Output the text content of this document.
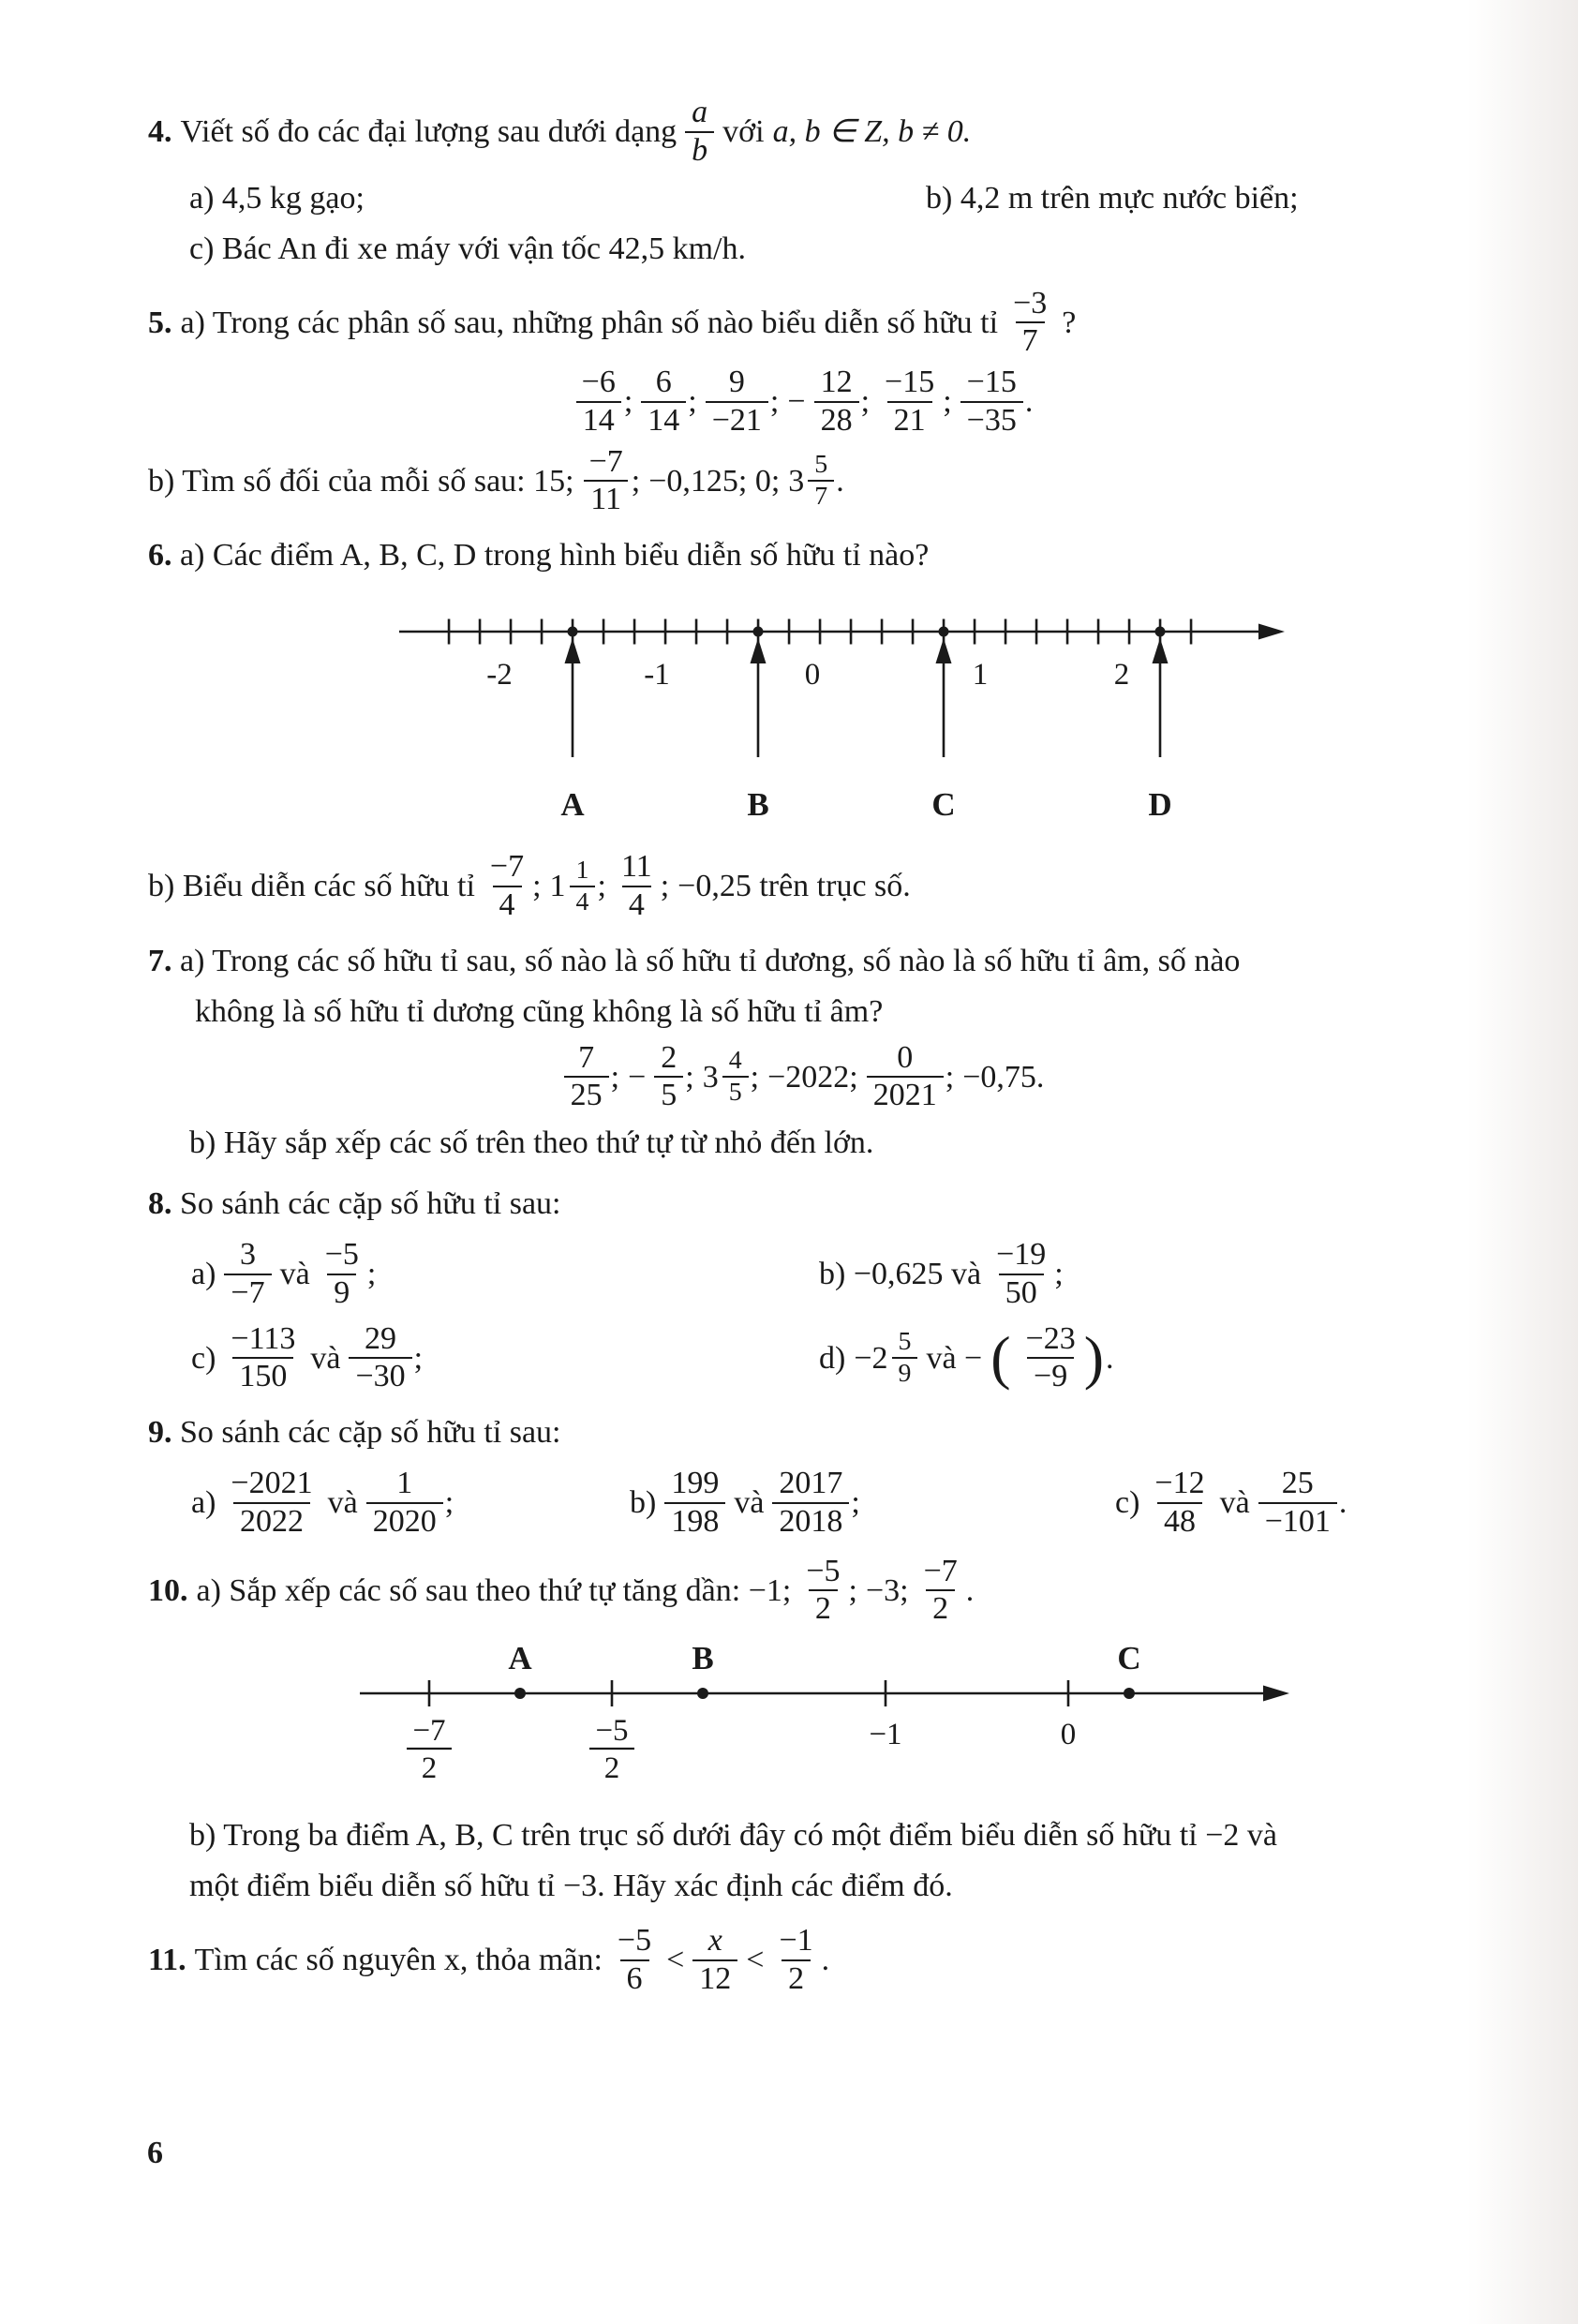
4. Viết số đo các đại lượng sau dưới dạng $\frac{a}{b}$ với a, b ∈ Z, b ≠ 0.
a) 4,5 kg gạo;	b) 4,2 m trên mực nước biển;
c) Bác An đi xe máy với vận tốc 42,5 km/h.
5. a) Trong các phân số sau, những phân số nào biểu diễn số hữu tỉ $\frac{-3}{7}$ ?
$\frac{-6}{14}$ ; $\frac{6}{14}$ ; $\frac{9}{-21}$ ; − $\frac{12}{28}$ ; $\frac{-15}{21}$ ; $\frac{-15}{-35}$ .
b) Tìm số đối của mỗi số sau: 15; $\frac{-7}{11}$ ; −0,125; 0; $3 \frac{5}{7}$ .
6. a) Các điểm A, B, C, D trong hình biểu diễn số hữu tỉ nào?
-2	-1	0	1	2
A	B	C	D
b) Biểu diễn các số hữu tỉ $\frac{-7}{4}$ ; $1 \frac{1}{4}$ ; $\frac{11}{4}$ ; −0,25 trên trục số.
7. a) Trong các số hữu tỉ sau, số nào là số hữu tỉ dương, số nào là số hữu tỉ âm, số nào
không là số hữu tỉ dương cũng không là số hữu tỉ âm?
$\frac{7}{25}$ ; − $\frac{2}{5}$ ; $3 \frac{4}{5}$ ; −2022; $\frac{0}{2021}$ ; −0,75.
b) Hãy sắp xếp các số trên theo thứ tự từ nhỏ đến lớn.
8. So sánh các cặp số hữu tỉ sau:
$a) \frac{3}{-7}$ và $\frac{-5}{9}$ ;	b) −0,625 và $\frac{-19}{50}$ ;
$c) \frac{-113}{150}$ và $\frac{29}{-30}$ ;	$d) -2 \frac{5}{9}$ và − ( $\frac{-23}{-9}$ ) .
9. So sánh các cặp số hữu tỉ sau:
$a) \frac{-2021}{2022}$ và $\frac{1}{2020}$ ;	$b) \frac{199}{198}$ và $\frac{2017}{2018}$ ;	$c) \frac{-12}{48}$ và $\frac{25}{-101}$ .
10. a) Sắp xếp các số sau theo thứ tự tăng dần: −1; $\frac{-5}{2}$ ; −3; $\frac{-7}{2}$ .
A	B	C
−7
2
−5
2
−1	0
b) Trong ba điểm A, B, C trên trục số dưới đây có một điểm biểu diễn số hữu tỉ −2 và
một điểm biểu diễn số hữu tỉ −3. Hãy xác định các điểm đó.
11. Tìm các số nguyên x, thỏa mãn: $\frac{-5}{6} < \frac{x}{12} < \frac{-1}{2}$ .
6
